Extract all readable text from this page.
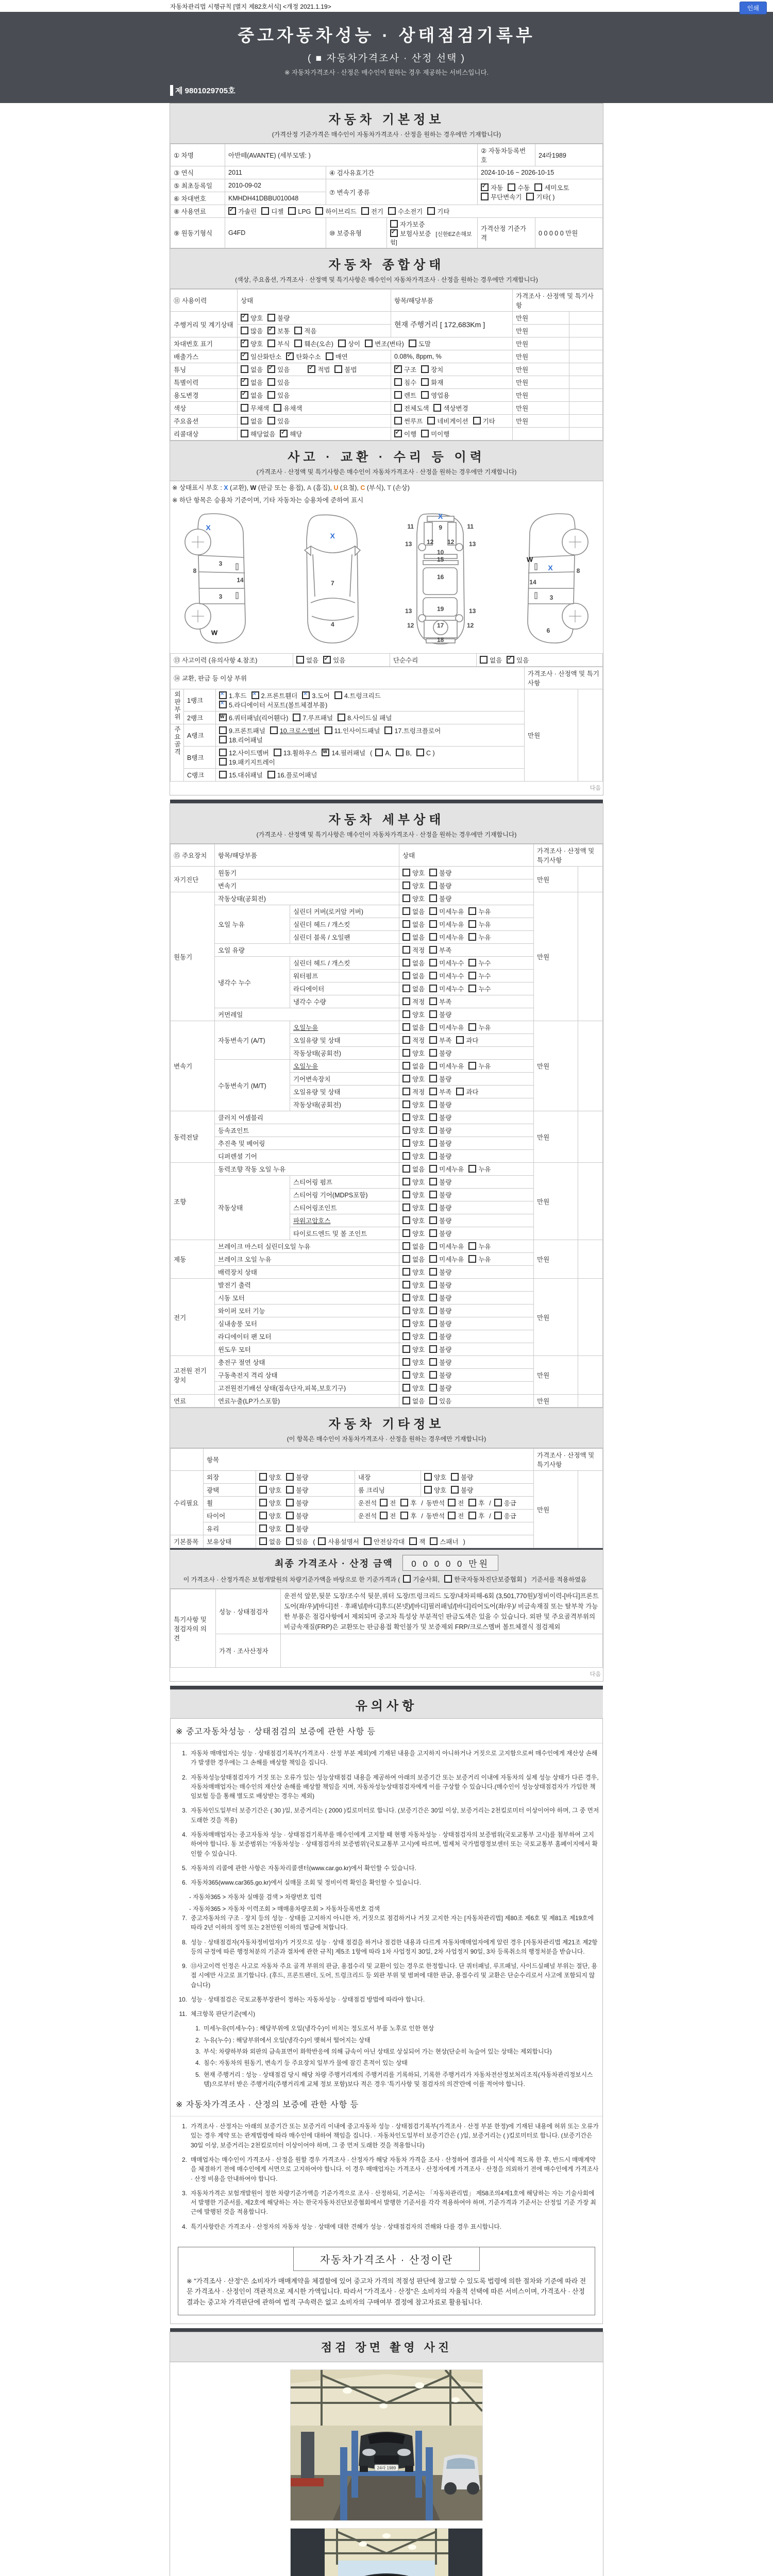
자동차관리법 시행규칙 [별지 제82호서식] <개정 2021.1.19>	인쇄
중고자동차성능 · 상태점검기록부
( ■ 자동차가격조사 · 산정 선택 )
※ 자동차가격조사 · 산정은 매수인이 원하는 경우 제공하는 서비스입니다.
제 9801029705호
자동차 기본정보
(가격산정 기준가격은 매수인이 자동차가격조사 · 산정을 원하는 경우에만 기재합니다)
① 차명	아반떼(AVANTE) (세부모델: )			② 자동차등록번호	24라1989
③ 연식	2011	④ 검사유효기간		2024-10-16 ~ 2026-10-15	
⑤ 최초등록일	2010-09-02	⑦ 변속기 종류	✓자동 수동 세미오토
무단변속기 기타( )
⑥ 차대번호	KMHDH41DBBU010048				
⑧ 사용연료	✓가솔린 디젤 LPG 하이브리드 전기 수소전기 기타
⑨ 원동기형식	G4FD	⑩ 보증유형	자가보증✓보험사보증 [신한EZ손해보험]	가격산정 기준가격	0 0 0 0 0 만원
자동차 종합상태
(색상, 주요옵션, 가격조사 · 산정액 및 특기사항은 매수인이 자동차가격조사 · 산정을 원하는 경우에만 기재합니다)
⑪ 사용이력	상태	항목/해당부품	가격조사 · 산정액 및 특기사항	
주행거리 및 계기상태	✓양호 불량	현재 주행거리 [ 172,683Km ]	만원	
	많음 ✓ 보통 적음		만원	
차대번호 표기	✓양호 부식 훼손(오손) 상이 변조(변타) 도말		만원	
배출가스	✓일산화탄소 ✓ 탄화수소 매연	0.08%, 8ppm, %	만원	
튜닝	없음 ✓ 있음 ✓ 적법 불법	✓구조 장치	만원	
특별이력	✓없음 있음	침수 화재	만원	
용도변경	✓없음 있음	렌트 영업용	만원	
색상	무채색 유채색	전체도색 색상변경	만원	
주요옵션	없음 있음	썬루프 네비게이션 기타	만원	
리콜대상	해당없음 ✓ 해당	✓이행 미이행		
사고 · 교환 · 수리 등 이력
(가격조사 · 산정액 및 특기사항은 매수인이 자동차가격조사 · 산정을 원하는 경우에만 기재합니다)
※ 상태표시 부호 : X (교환), W (판금 또는 용접), A (흠집), U (요철), C (부식), T (손상)
※ 하단 항목은 승용차 기준이며, 기타 자동차는 승용차에 준하여 표시
X
8
3
14
3
W
X
7
4
X
11	11
9
13	13
12 12
10
15
16
13	13
19
12	12
17
18
W
X	8
14
3
6
⑬ 사고이력 (유의사항 4.참조)	없음 ✓ 있음	단순수리	없음 ✓ 있음
⑭ 교환, 판금 등 이상 부위			가격조사 · 산정액 및 특기사항	
외판부위	1랭크	✕1.후드 ✕ 2.프론트휀더 ✕ 3.도어 4.트렁크리드
✕5.라디에이터 서포트(볼트체결부품)	만원	
	2랭크	W6.쿼터패널(리어휀다) 7.루프패널 8.사이드실 패널
주요골격	A랭크	9.프론트패널 10.크로스멤버 11.인사이드패널 17.트렁크플로어
18.리어패널		
	B랭크	12.사이드멤버 13.휠하우스 W 14.필러패널 ( A, B, C )
19.패키지트레이
	C랭크	15.대쉬패널 16.플로어패널		
다음
자동차 세부상태
(가격조사 · 산정액 및 특기사항은 매수인이 자동차가격조사 · 산정을 원하는 경우에만 기재합니다)
⑮ 주요장치	항목/해당부품		상태	가격조사 · 산정액 및 특기사항	
자기진단	원동기		양호 불량	만원	
	변속기		양호 불량		
원동기	작동상태(공회전)		양호 불량	만원	
	오일 누유	실린더 커버(로커암 커버)	없음 미세누유 누유		
		실린더 헤드 / 개스킷	없음 미세누유 누유		
		실린더 블록 / 오일팬	없음 미세누유 누유		
	오일 유량		적정 부족		
	냉각수 누수	실린더 헤드 / 개스킷	없음 미세누수 누수		
		워터펌프	없음 미세누수 누수		
		라디에이터	없음 미세누수 누수		
		냉각수 수량	적정 부족		
	커먼레일		양호 불량		
변속기	자동변속기 (A/T)	오일누유	없음 미세누유 누유	만원	
		오일유량 및 상태	적정 부족 과다		
		작동상태(공회전)	양호 불량		
	수동변속기 (M/T)	오일누유	없음 미세누유 누유		
		기어변속장치	양호 불량		
		오일유량 및 상태	적정 부족 과다		
		작동상태(공회전)	양호 불량		
동력전달	클러치 어셈블리		양호 불량	만원	
	등속죠인트		양호 불량		
	추진축 및 베어링		양호 불량		
	디퍼렌셜 기어		양호 불량		
조향	동력조향 작동 오일 누유		없음 미세누유 누유	만원	
	작동상태	스티어링 펌프	양호 불량		
		스티어링 기어(MDPS포함)	양호 불량		
		스티어링조인트	양호 불량		
		파워고압호스	양호 불량		
		타이로드엔드 및 볼 조인트	양호 불량		
제동	브레이크 마스터 실린더오일 누유		없음 미세누유 누유	만원	
	브레이크 오일 누유		없음 미세누유 누유		
	배력장치 상태		양호 불량		
전기	발전기 출력		양호 불량	만원	
	시동 모터		양호 불량		
	와이퍼 모터 기능		양호 불량		
	실내송풍 모터		양호 불량		
	라디에이터 팬 모터		양호 불량		
	윈도우 모터		양호 불량		
고전원 전기장치	충전구 절연 상태		양호 불량	만원	
	구동축전지 격리 상태		양호 불량		
	고전원전기배선 상태(접속단자,피복,보호기구)		양호 불량		
연료	연료누출(LP가스포함)		없음 있음	만원	
자동차 기타정보
(이 항목은 매수인이 자동차가격조사 · 산정을 원하는 경우에만 기재합니다)
	항목				가격조사 · 산정액 및 특기사항	
수리필요	외장	양호 불량	내장	양호 불량	만원	
	광택	양호 불량	룸 크리닝	양호 불량		
	휠	양호 불량	운전석 전 후 / 동반석 전 후 / 응급			
	타이어	양호 불량	운전석 전 후 / 동반석 전 후 / 응급			
	유리	양호 불량				
기본품목	보유상태	없음 있음 ( 사용설명서 안전삼각대 잭 스패너 )				
최종 가격조사 · 산정 금액 0 0 0 0 0 만원
이 가격조사 · 산정가격은 보험개발원의 차량기준가액을 바탕으로 한 기준가격과 ( 기술사회, 한국자동차진단보증협회 ) 기준서를 적용하였음
특기사항 및 점검자의 의견	성능 · 상태점검자	운전석 앞문,뒷문 도장/조수석 뒷문,쿼터 도장/트렁크리드 도장/내차피해-6회 (3,501,770원)/정비이력-[바디]프론트도어(좌/우)/[바디]전 · 후패널/[바디]후드(본넷)/[바디]필러패널/[바디]리어도어(좌/우)/ 비금속재질 또는 탈부착 가능한 부품은 점검사항에서 제외되며 중고차 특성상 부분적인 판금도색은 있을 수 있습니다. 외판 및 주요골격부위의 비금속재질(FRP)은 교환또는 판금용접 확인불가 및 보증제외 FRP/크로스멤버 볼트체결식 점검제외
	가격 · 조사산정자	
다음
유의사항
※ 중고자동차성능 · 상태점검의 보증에 관한 사항 등
1. 자동차 매매업자는 성능 · 상태점검기록부(가격조사 · 산정 부분 제외)에 기재된 내용을 고지하지 아니하거나 거짓으로 고지함으로써 매수인에게 재산상 손해가 발생한 경우에는 그 손해를 배상할 책임을 집니다.
2. 자동차성능상태점검자가 거짓 또는 오류가 있는 성능상태점검 내용을 제공하여 아래의 보증기간 또는 보증거리 이내에 자동차의 실제 성능 상태가 다른 경우, 자동차매매업자는 매수인의 재산상 손해를 배상할 책임을 지며, 자동차성능상태점검자에게 이를 구상할 수 있습니다.(매수인이 성능상태점검자가 가입한 책임보험 등을 통해 별도로 배상받는 경우는 제외)
3. 자동차인도일부터 보증기간은 ( 30 )일, 보증거리는 ( 2000 )킬로미터로 합니다. (보증기간은 30일 이상, 보증거리는 2천킬로미터 이상이어야 하며, 그 중 먼저 도래한 것을 적용)
4. 자동차매매업자는 중고자동차 성능 · 상태점검기록부를 매수인에게 고지할 때 현행 자동차성능 · 상태점검자의 보증범위(국토교통부 고시)를 첨부하여 고지하여야 합니다. 동 보증범위는 '자동차성능 · 상태점검자의 보증범위'(국토교통부 고시)에 따르며, 법제처 국가법령정보센터 또는 국토교통부 홈페이지에서 확인할 수 있습니다.
5. 자동차의 리콜에 관한 사항은 자동차리콜센터(www.car.go.kr)에서 확인할 수 있습니다.
6. 자동차365(www.car365.go.kr)에서 실매물 조회 및 정비이력 확인을 확인할 수 있습니다.
- 자동차365 > 자동차 실매물 검색 > 차량번호 입력
- 자동차365 > 자동차 이력조회 > 매매용차량조회 > 자동차등록번호 검색
7. 중고자동차의 구조 · 장치 등의 성능 · 상태를 고지하지 아니한 자, 거짓으로 점검하거나 거짓 고지한 자는 [자동차관리법] 제80조 제6호 및 제81조 제19호에 따라 2년 이하의 징역 또는 2천만원 이하의 벌금에 처합니다.
8. 성능 · 상태점검자(자동차정비업자)가 거짓으로 성능 · 상태 점검을 하거나 점검한 내용과 다르게 자동차매매업자에게 알린 경우 [자동차관리법 제21조 제2항 등의 규정에 따른 행정처분의 기준과 절차에 관한 규칙] 제5조 1항에 따라 1차 사업정지 30일, 2차 사업정지 90일, 3차 등록취소의 행정처분을 받습니다.
9. ⑬사고이력 인정은 사고로 자동차 주요 골격 부위의 판금, 용접수리 및 교환이 있는 경우로 한정합니다. 단 쿼터패널, 루프패널, 사이드실패널 부위는 절단, 용접 시에만 사고로 표기합니다. (후드, 프론트펜더, 도어, 트렁크리드 등 외판 부위 및 범퍼에 대한 판금, 용접수리 및 교환은 단순수리로서 사고에 포함되지 않습니다)
10. 성능 · 상태점검은 국토교통부장관이 정하는 자동차성능 · 상태점검 방법에 따라야 합니다.
11. 체크항목 판단기준(예시)
1. 미세누유(미세누수) : 해당부위에 오일(냉각수)이 비치는 정도로서 부품 노후로 인한 현상
2. 누유(누수) : 해당부위에서 오일(냉각수)이 맺혀서 떨어지는 상태
3. 부식: 차량하부와 외판의 금속표면이 화학반응에 의해 금속이 아닌 상태로 상실되어 가는 현상(단순히 녹슬어 있는 상태는 제외합니다)
4. 침수: 자동차의 원동기, 변속기 등 주요장치 일부가 물에 잠긴 흔적이 있는 상태
5. 현재 주행거리 : 성능 · 상태점검 당시 해당 차량 주행거리계의 주행거리를 기록하되, 기록한 주행거리가 자동차전산정보처리조직(자동차관리정보시스템)으로부터 받은 주행거리(주행거리계 교체 정보 포함)보다 적은 경우 '특기사항 및 점검자의 의견'란에 이를 적어야 합니다.
※ 자동차가격조사 · 산정의 보증에 관한 사항 등
1. 가격조사 · 산정자는 아래의 보증기간 또는 보증거리 이내에 중고자동차 성능 · 상태점검기록부(가격조사 · 산정 부분 한정)에 기재된 내용에 허위 또는 오류가 있는 경우 계약 또는 관계법령에 따라 매수인에 대하여 책임을 집니다. · 자동차인도일부터 보증기간은 ( )일, 보증거리는 ( )킬로미터로 합니다. (보증기간은 30일 이상, 보증거리는 2천킬로미터 이상이어야 하며, 그 중 먼저 도래한 것을 적용합니다)
2. 매매업자는 매수인이 가격조사 · 산정을 원할 경우 가격조사 · 산정자가 해당 자동차 가격을 조사 · 산정하여 결과를 이 서식에 적도록 한 후, 반드시 매매계약을 체결하기 전에 매수인에게 서면으로 고지하여야 합니다. 이 경우 매매업자는 가격조사 · 산정자에게 가격조사 · 산정을 의뢰하기 전에 매수인에게 가격조사 · 산정 비용을 안내하여야 합니다.
3. 자동차가격은 보험개발원이 정한 차량기준가액을 기준가격으로 조사 · 산정하되, 기준서는 「자동차관리법」 제58조의4제1호에 해당하는 자는 기술사회에서 발행한 기준서를, 제2호에 해당하는 자는 한국자동차진단보증협회에서 발행한 기준서를 각각 적용하여야 하며, 기준가격과 기준서는 산정일 기준 가장 최근에 발행된 것을 적용합니다.
4. 특기사항란은 가격조사 · 산정자의 자동차 성능 · 상태에 대한 견해가 성능 · 상태점검자의 견해와 다를 경우 표시합니다.
자동차가격조사 · 산정이란
※ "가격조사 · 산정"은 소비자가 매매계약을 체결함에 있어 중고차 가격의 적절성 판단에 참고할 수 있도록 법령에 의한 절차와 기준에 따라 전문 가격조사 · 산정인이 객관적으로 제시한 가액입니다. 따라서 "가격조사 · 산정"은 소비자의 자율적 선택에 따른 서비스이며, 가격조사 · 산정 결과는 중고차 가격판단에 관하여 법적 구속력은 없고 소비자의 구매여부 결정에 참고자료로 활용됩니다.
점검 장면 촬영 사진
24라 1989
